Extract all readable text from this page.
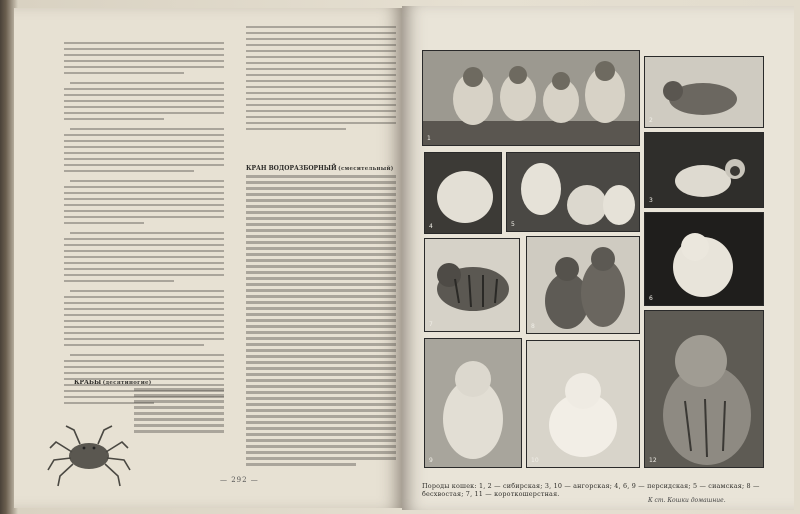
КРАБЫ (десятиногие)
КРАН ВОДОРАЗБОРНЫЙ (смесительный)
— 292 —
1
2
3
4	5
6
7	8
9	10	12
Породы кошек: 1, 2 — сибирская; 3, 10 — ангорская; 4, 6, 9 — персидская; 5 — сиамская; 8 — бесхвостая; 7, 11 — короткошерстная.
К ст. Кошки домашние.
